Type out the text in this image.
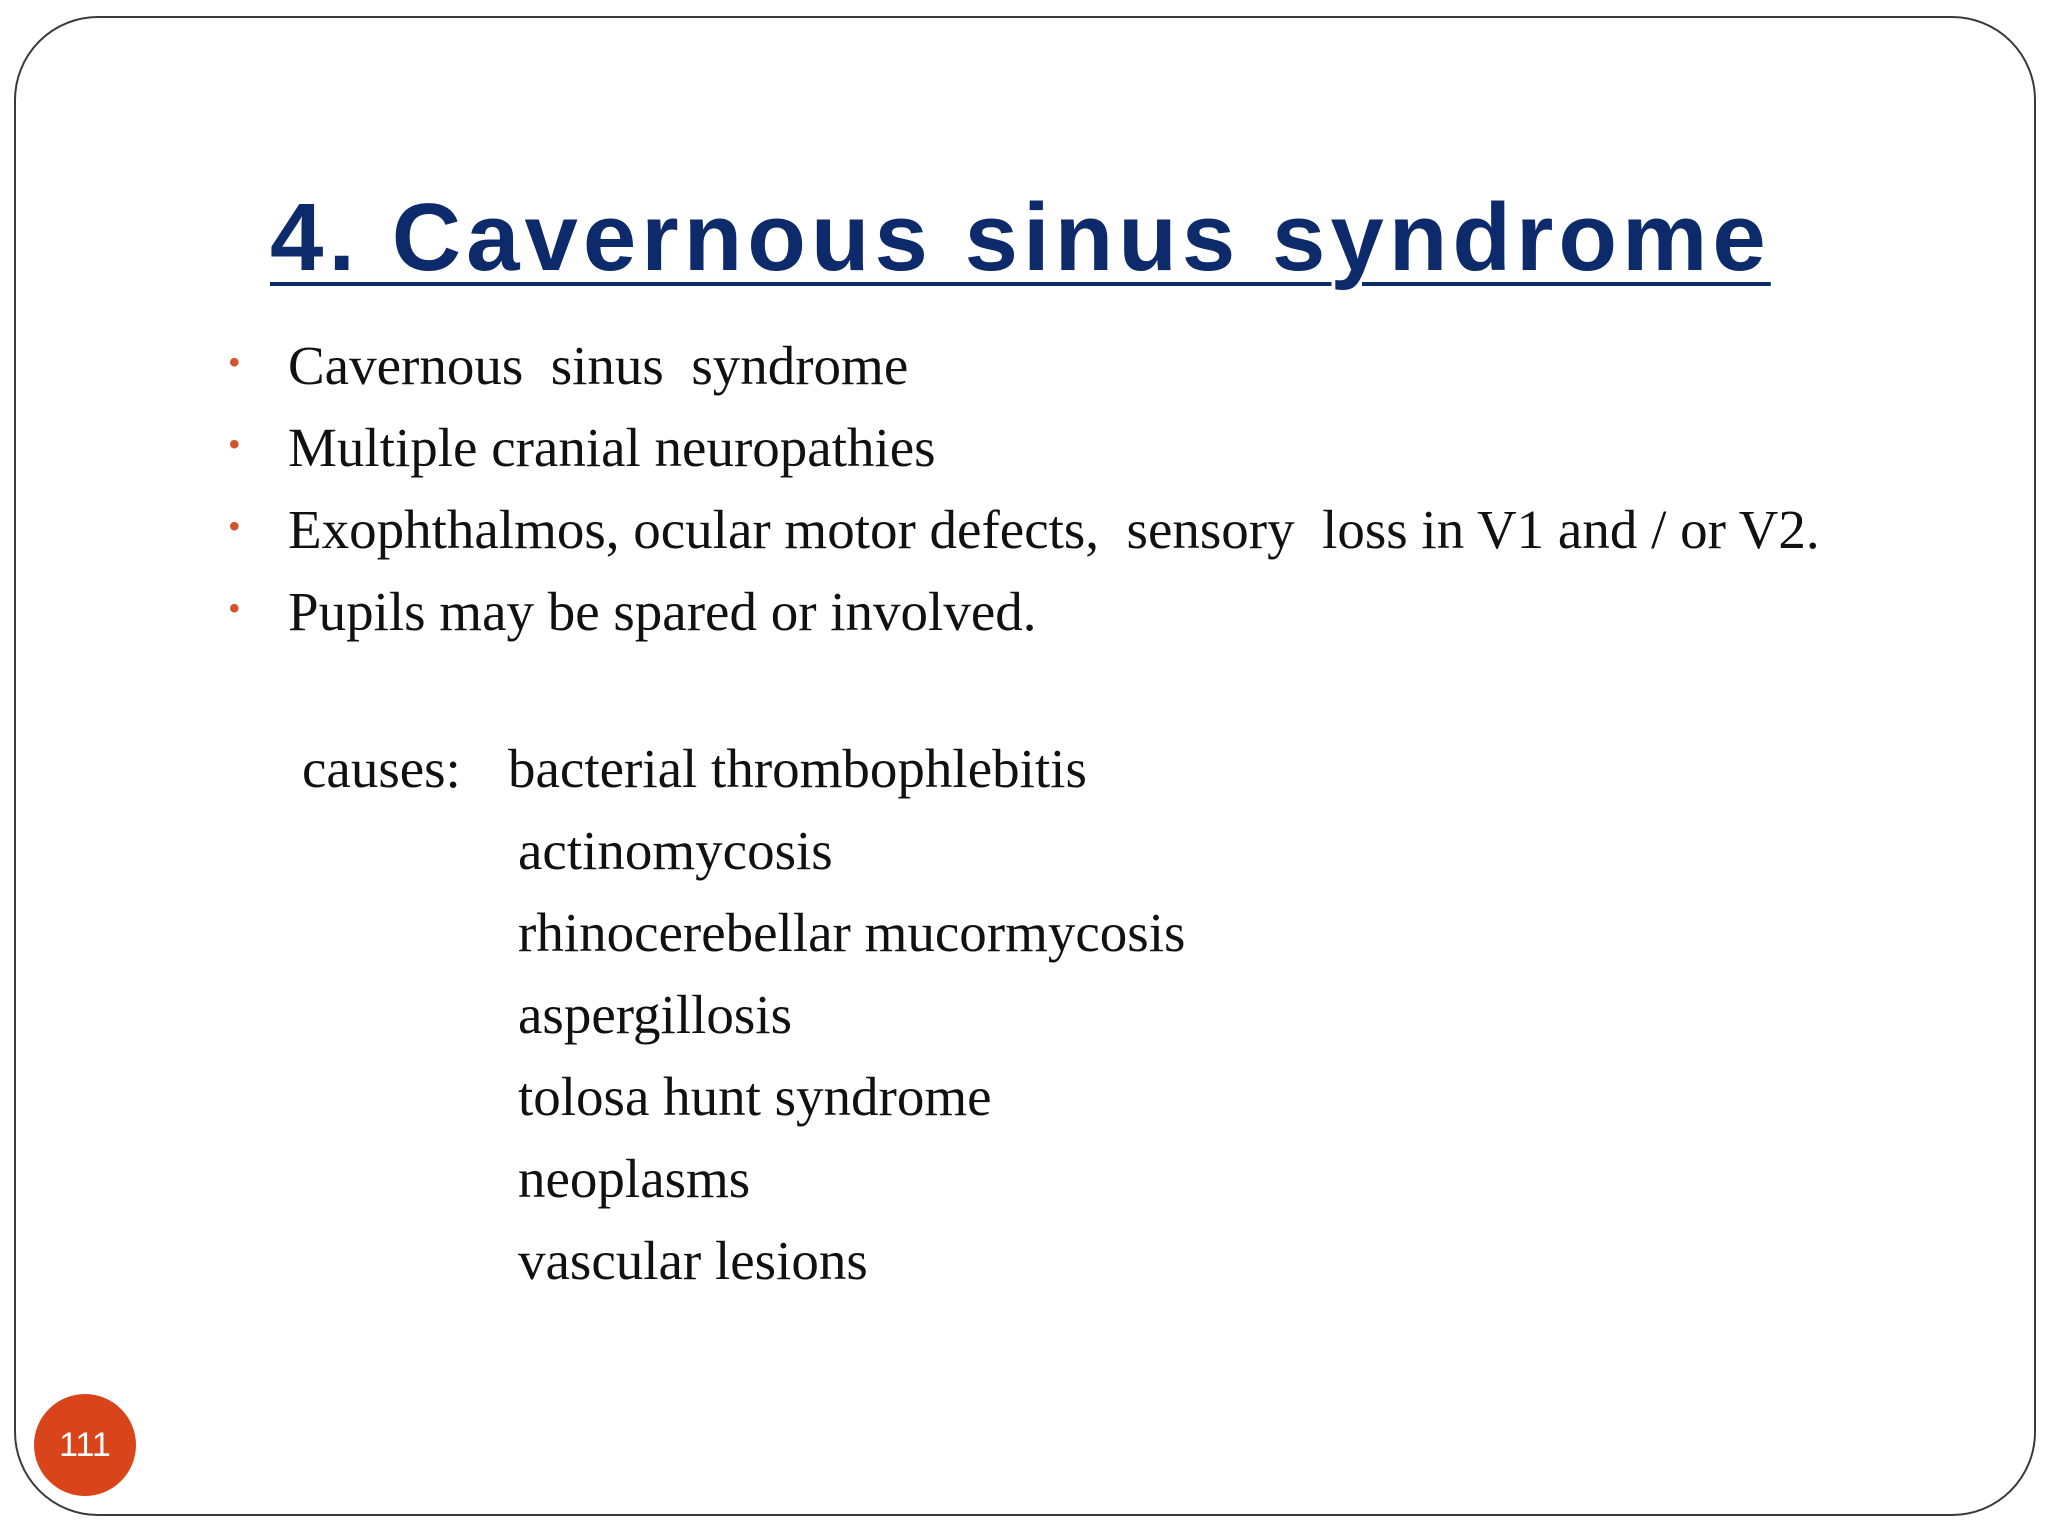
4. Cavernous sinus syndrome
• Cavernous  sinus  syndrome
• Multiple cranial neuropathies
• Exophthalmos, ocular motor defects,  sensory  loss in V1 and / or V2.
• Pupils may be spared or involved.
causes: bacterial thrombophlebitis
actinomycosis
rhinocerebellar mucormycosis
aspergillosis
tolosa hunt syndrome
neoplasms
vascular lesions
111
